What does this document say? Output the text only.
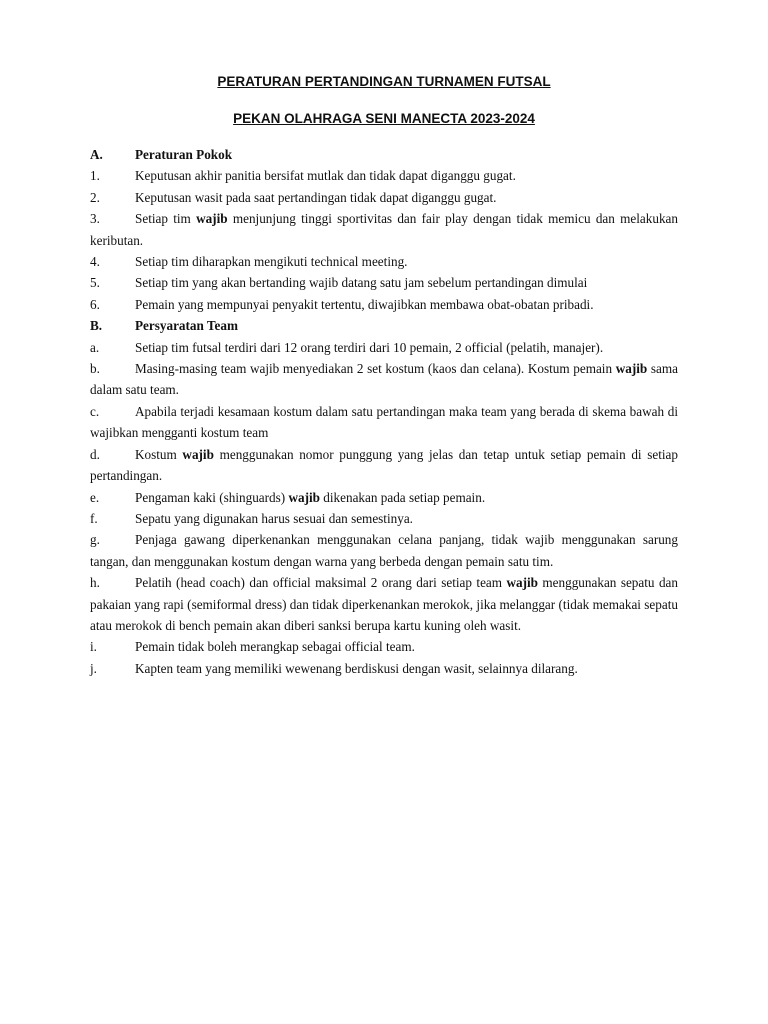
PERATURAN PERTANDINGAN TURNAMEN FUTSAL
PEKAN OLAHRAGA SENI MANECTA 2023-2024
A. Peraturan Pokok
1.	Keputusan akhir panitia bersifat mutlak dan tidak dapat diganggu gugat.
2.	Keputusan wasit pada saat pertandingan tidak dapat diganggu gugat.
3.	Setiap tim wajib menjunjung tinggi sportivitas dan fair play dengan tidak memicu dan melakukan keributan.
4.	Setiap tim diharapkan mengikuti technical meeting.
5.	Setiap tim yang akan bertanding wajib datang satu jam sebelum pertandingan dimulai
6.	Pemain yang mempunyai penyakit tertentu, diwajibkan membawa obat-obatan pribadi.
B. Persyaratan Team
a.	Setiap tim futsal terdiri dari 12 orang terdiri dari 10 pemain, 2 official (pelatih, manajer).
b.	Masing-masing team wajib menyediakan 2 set kostum (kaos dan celana). Kostum pemain wajib sama dalam satu team.
c.	Apabila terjadi kesamaan kostum dalam satu pertandingan maka team yang berada di skema bawah di wajibkan mengganti kostum team
d.	Kostum wajib menggunakan nomor punggung yang jelas dan tetap untuk setiap pemain di setiap pertandingan.
e.	Pengaman kaki (shinguards) wajib dikenakan pada setiap pemain.
f.	Sepatu yang digunakan harus sesuai dan semestinya.
g.	Penjaga gawang diperkenankan menggunakan celana panjang, tidak wajib menggunakan sarung tangan, dan menggunakan kostum dengan warna yang berbeda dengan pemain satu tim.
h.	Pelatih (head coach) dan official maksimal 2 orang dari setiap team wajib menggunakan sepatu dan pakaian yang rapi (semiformal dress) dan tidak diperkenankan merokok, jika melanggar (tidak memakai sepatu atau merokok di bench pemain akan diberi sanksi berupa kartu kuning oleh wasit.
i.	Pemain tidak boleh merangkap sebagai official team.
j.	Kapten team yang memiliki wewenang berdiskusi dengan wasit, selainnya dilarang.
